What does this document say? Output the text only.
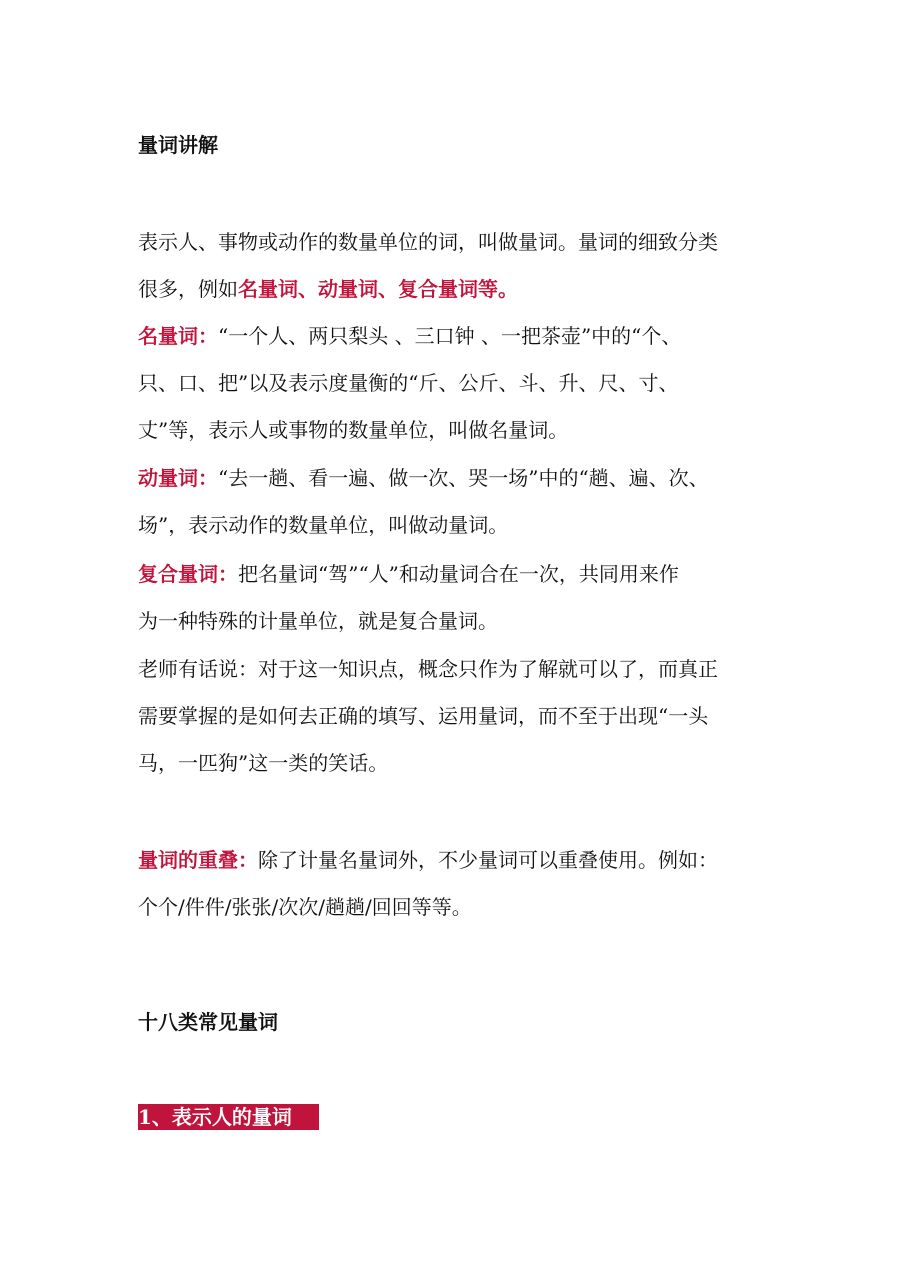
量词讲解

表示人、事物或动作的数量单位的词，叫做量词。量词的细致分类

很多，例如名量词、动量词、复合量词等。

名量词：“一个人、两只梨头 、三口钟 、一把茶壶”中的“个、

只、口、把”以及表示度量衡的“斤、公斤、斗、升、尺、寸、

丈”等，表示人或事物的数量单位，叫做名量词。

动量词：“去一趟、看一遍、做一次、哭一场”中的“趟、遍、次、

场”，表示动作的数量单位，叫做动量词。

复合量词：把名量词“驾”“人”和动量词合在一次，共同用来作

为一种特殊的计量单位，就是复合量词。

老师有话说：对于这一知识点，概念只作为了解就可以了，而真正

需要掌握的是如何去正确的填写、运用量词，而不至于出现“一头

马，一匹狗”这一类的笑话。

量词的重叠：除了计量名量词外，不少量词可以重叠使用。例如：

个个/件件/张张/次次/趟趟/回回等等。

十八类常见量词

1、表示人的量词
